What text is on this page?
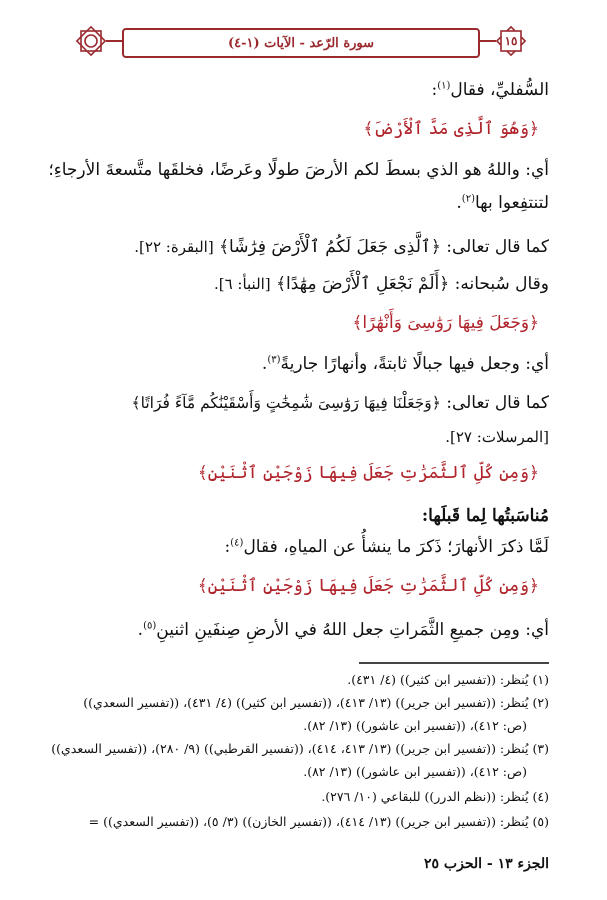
سورة الرّعد - الآيات (١-٤)	١٥
السُّفليِّ، فقال$^{(١)}$:
﴿وَهُوَ ٱلَّذِى مَدَّ ٱلْأَرْضَ﴾
أي: واللهُ هو الذي بسطَ لكم الأرضَ طولًا وعَرضًا، فخلقَها متَّسعةَ الأرجاءِ؛
لتنتفِعوا بها$^{(٢)}$.
كما قال تعالى: ﴿ٱلَّذِى جَعَلَ لَكُمُ ٱلْأَرْضَ فِرَٰشًا﴾ [البقرة: ٢٢].
وقال سُبحانه: ﴿أَلَمْ نَجْعَلِ ٱلْأَرْضَ مِهَٰدًا﴾ [النبأ: ٦].
﴿وَجَعَلَ فِيهَا رَوَٰسِىَ وَأَنْهَٰرًا﴾
أي: وجعل فيها جبالًا ثابتةً، وأنهارًا جاريةً$^{(٣)}$.
كما قال تعالى: ﴿وَجَعَلْنَا فِيهَا رَوَٰسِىَ شَٰمِخَٰتٍ وَأَسْقَيْنَٰكُم مَّآءً فُرَاتًا﴾
[المرسلات: ٢٧].
﴿وَمِن كُلِّ ٱلثَّمَرَٰتِ جَعَلَ فِيهَا زَوْجَيْنِ ٱثْنَيْنِ﴾
مُناسَبتُها لِما قَبلَها:
لَمَّا ذكرَ الأنهارَ؛ ذَكرَ ما ينشأُ عن المياهِ، فقال$^{(٤)}$:
﴿وَمِن كُلِّ ٱلثَّمَرَٰتِ جَعَلَ فِيهَا زَوْجَيْنِ ٱثْنَيْنِ﴾
أي: ومِن جميعِ الثَّمَراتِ جعل اللهُ في الأرضِ صِنفَينِ اثنينِ$^{(٥)}$.
(١) يُنظر: ((تفسير ابن كثير)) (٤/ ٤٣١).
(٢) يُنظر: ((تفسير ابن جرير)) (١٣/ ٤١٣)، ((تفسير ابن كثير)) (٤/ ٤٣١)، ((تفسير السعدي))
(ص: ٤١٢)، ((تفسير ابن عاشور)) (١٣/ ٨٢).
(٣) يُنظر: ((تفسير ابن جرير)) (١٣/ ٤١٣، ٤١٤)، ((تفسير القرطبي)) (٩/ ٢٨٠)، ((تفسير السعدي))
(ص: ٤١٢)، ((تفسير ابن عاشور)) (١٣/ ٨٢).
(٤) يُنظر: ((نظم الدرر)) للبقاعي (١٠/ ٢٧٦).
(٥) يُنظر: ((تفسير ابن جرير)) (١٣/ ٤١٤)، ((تفسير الخازن)) (٣/ ٥)، ((تفسير السعدي)) =
الجزء ١٣ - الحزب ٢٥
